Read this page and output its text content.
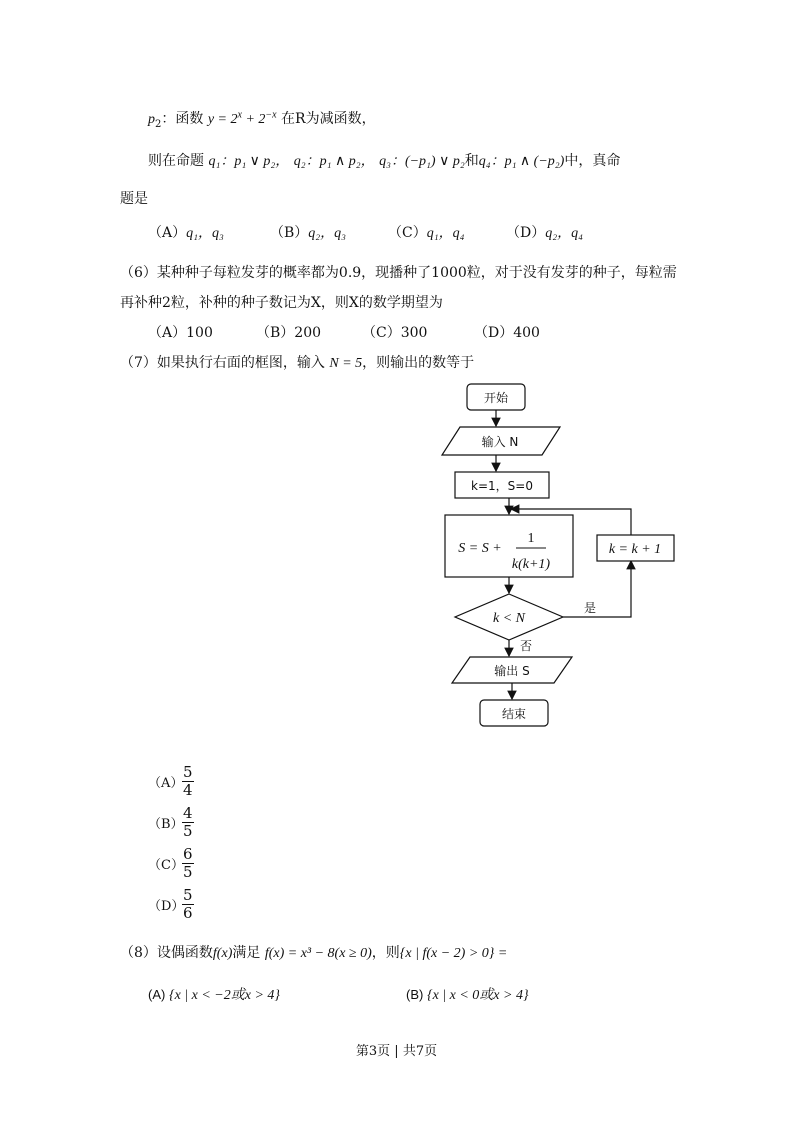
$p_2$：函数 $y = 2^x + 2^{-x}$ 在R为减函数，
则在命题 q₁：p₁ ∨ p₂， q₂：p₁ ∧ p₂， q₃：(−p₁) ∨ p₂和q₄：p₁ ∧ (−p₂)中，真命
题是
（A）q₁，q₃	（B）q₂，q₃	（C）q₁，q₄	（D）q₂，q₄
（6）某种种子每粒发芽的概率都为0.9，现播种了1000粒，对于没有发芽的种子，每粒需
再补种2粒，补种的种子数记为X，则X的数学期望为
（A）100	（B）200	（C）300	（D）400
（7）如果执行右面的框图，输入 N = 5，则输出的数等于
开始
输入 N
k=1，S=0
S = S +
1
k(k+1)
k = k + 1
k < N
是
否
输出 S
结束
（A）
$\frac{5}{4}$
（B）
$\frac{4}{5}$
（C）
$\frac{6}{5}$
（D）
$\frac{5}{6}$
（8）设偶函数f(x)满足 f(x) = x³ − 8(x ≥ 0)，则{x | f(x − 2) > 0} =
(A) {x | x < −2或x > 4}	(B) {x | x < 0或x > 4}
第3页 | 共7页
